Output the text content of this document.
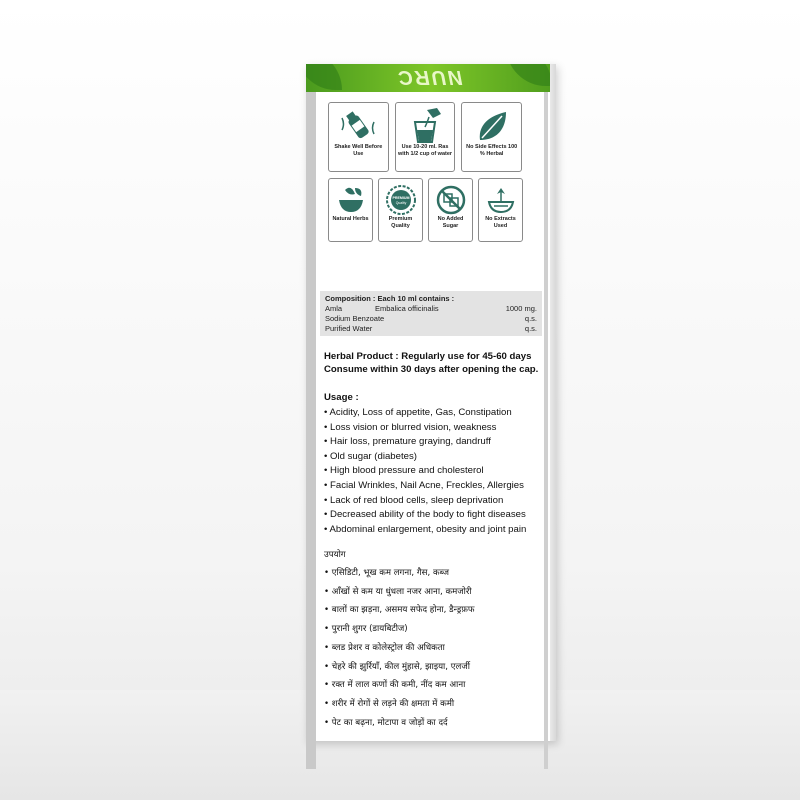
ϽЯUИ
Shake Well Before Use
Use 10-20 ml. Ras with 1/2 cup of water
No Side Effects 100 % Herbal
Natural Herbs
PREMIUM
Quality
Premium Quality
No Added Sugar
No Extracts Used
Composition : Each 10 ml contains :
Amla	Embalica officinalis	1000 mg.
Sodium Benzoate	q.s.
Purified Water	q.s.
Herbal Product : Regularly use for 45-60 days
Consume within 30 days after opening the cap.
Usage :
• Acidity, Loss of appetite, Gas, Constipation
• Loss vision or blurred vision, weakness
• Hair loss, premature graying, dandruff
• Old sugar (diabetes)
• High blood pressure and cholesterol
• Facial Wrinkles, Nail Acne, Freckles, Allergies
• Lack of red blood cells, sleep deprivation
• Decreased ability of the body to fight diseases
• Abdominal enlargement, obesity and joint pain
उपयोग
• एसिडिटी, भूख कम लगना, गैस, कब्ज
• आँखों से कम या धुंधला नजर आना, कमजोरी
• बालों का झड़ना, असमय सफेद होना, डैन्ड्रफ़फ
• पुरानी शुगर (डायबिटीज)
• ब्लड प्रेशर व कोलेस्ट्रोल की अधिकता
• चेहरे की झुर्रियाँ, कील मुंहासे, झाइया, एलर्जी
• रक्त में लाल कणों की कमी, नींद कम आना
• शरीर में रोगों से लड़ने की क्षमता में कमी
• पेट का बढ़ना, मोटापा व जोड़ों का दर्द
